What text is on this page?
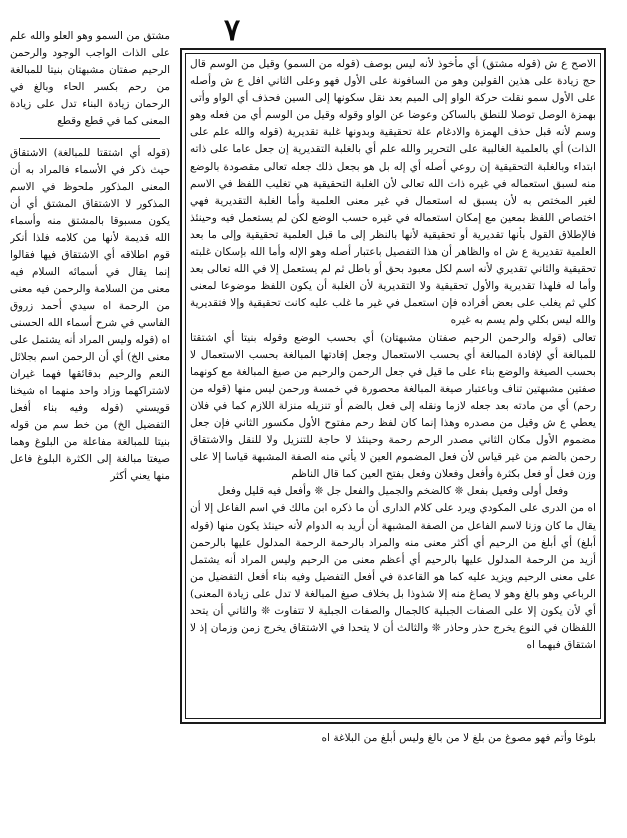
٧
مشتق من السمو وهو العلو والله علم على الذات الواجب الوجود والرحمن الرحيم صفتان مشبهتان بنيتا للمبالغة من رحم بكسر الحاء وبالغ في الرحمان زيادة البناء تدل على زيادة المعنى كما في قطع وقطع
(قوله أي اشتقتا للمبالغة) الاشتقاق حيث ذكر في الأسماء فالمراد به أن المعنى المذكور ملحوظ في الاسم المذكور لا الاشتقاق المشتق أي أن يكون مسبوقا بالمشتق منه وأسماء الله قديمة لأنها من كلامه فلذا أنكر قوم اطلاقه أي الاشتقاق فيها فقالوا إنما يقال في أسمائه السلام فيه معنى من السلامة والرحمن فيه معنى من الرحمة اه سيدي أحمد زروق الفاسي في شرح أسماء الله الحسنى اه (قوله وليس المراد أنه يشتمل على معنى الخ) أي أن الرحمن اسم بجلائل النعم والرحيم بدقائقها فهما غيران لاشتراكهما وزاد واحد منهما اه شيخنا قويسني (قوله وفيه بناء أفعل التفضيل الخ) من خط سم من قوله بنيتا للمبالغة مفاعلة من البلوغ وهما صيغتا مبالغة إلى الكثرة البلوغ فاعل منها يعني أكثر

الاصح ع ش (قوله مشتق) أي مأخوذ لأنه ليس بوصف (قوله من السمو) وقيل من الوسم قال حج زيادة على هذين القولين وهو من السافونة على الأول فهو وعلى الثاني افل ع ش وأصله على الأول سمو نقلت حركة الواو إلى الميم بعد نقل سكونها إلى السين فحذف أي الواو وأتى بهمزة الوصل توصلا للنطق بالساكن وعوضا عن الواو وقوله وقيل من الوسم أي من فعله وهو وسم لأنه قبل حذف الهمزة والادغام علة تحقيقية وبدونها غلبة تقديرية (قوله والله علم على الذات) أي بالعلمية الغالبية على التحرير والله علم أي بالغلبة التقديرية إن جعل عاما على ذاته ابتداء وبالغلبة التحقيقية إن روعي أصله أي إله بل هو بجعل ذلك جعله تعالى مقصودة بالوضع منه لسبق استعماله في غيره ذات الله تعالى لأن الغلبة التحقيقية هي تغليب اللفظ في الاسم لغير المختص به لأن يسبق له استعمال في غير معنى العلمية وأما الغلبة التقديرية فهي اختصاص اللفظ بمعين مع إمكان استعماله في غيره حسب الوضع لكن لم يستعمل فيه وحينئذ فالإطلاق القول بأنها تقديرية أو تحقيقية لأنها بالنظر إلى ما قبل العلمية تحقيقية وإلى ما بعد العلمية تقديرية ع ش اه والظاهر أن هذا التفصيل باعتبار أصله وهو الإله وأما الله بإسكان غلبته تحقيقية والثاني تقديري لأنه اسم لكل معبود بحق أو باطل ثم لم يستعمل إلا في الله تعالى بعد وأما له فلهذا تقديرية والأول تحقيقية ولا التقديرية لأن الغلبة أن يكون اللفظ موضوعا لمعنى كلي ثم يغلب على بعض أفراده فإن استعمل في غير ما غلب عليه كانت تحقيقية وإلا فتقديرية والله ليس بكلي ولم يسم به غيره

تعالى (قوله والرحمن الرحيم صفتان مشبهتان) أي بحسب الوضع وقوله بنيتا أي اشتقتا للمبالغة أي لإفادة المبالغة أي بحسب الاستعمال وجعل إفادتها المبالغة بحسب الاستعمال لا بحسب الصيغة والوضع بناء على ما قيل في جعل الرحمن والرحيم من صيغ المبالغة مع كونهما صفتين مشبهتين تناف وباعتبار صيغة المبالغة محصورة في خمسة ورحمن ليس منها (قوله من رحم) أي من مادته بعد جعله لازما ونقله إلى فعل بالضم أو تنزيله منزلة اللازم كما في فلان يعطي ع ش وقيل من مصدره وهذا إنما كان لفظ رحم مفتوح الأول مكسور الثاني فإن جعل مضموم الأول مكان الثاني مصدر الرحم رحمة وحينئذ لا حاجة للتنزيل ولا للنقل والاشتقاق رحمن بالضم من غير قياس لأن فعل المضموم العين لا يأتي منه الصفة المشبهة قياسا إلا على وزن فعل أو فعل بكثرة وأفعل وفعلان وفعل بفتح العين كما قال الناظم

وفعل أولى وفعيل بفعل ❊ كالضخم والجميل والفعل جل ❊ وأفعل فيه قليل وفعل

اه من الدرى على المكودي ويرد على كلام الدارى أن ما ذكره ابن مالك في اسم الفاعل إلا أن يقال ما كان وزنا لاسم الفاعل من الصفة المشبهة أن أريد به الدوام لأنه حينئذ يكون منها (قوله أبلغ) أي أبلغ من الرحيم أي أكثر معنى منه والمراد بالرحمة الرحمة المدلول عليها بالرحمن أزيد من الرحمة المدلول عليها بالرحيم أي أعظم معنى من الرحيم وليس المراد أنه يشتمل على معنى الرحيم ويزيد عليه كما هو القاعدة في أفعل التفضيل وفيه بناء أفعل التفضيل من الرباعي وهو بالغ وهو لا يصاغ منه إلا شذوذا بل بخلاف صيغ المبالغة لا تدل على زيادة المعنى) أي لأن يكون إلا على الصفات الجبلية كالجمال والصفات الجبلية لا تتفاوت ❊ والثاني أن يتحد اللفظان في النوع يخرج حذر وحاذر ❊ والثالث أن لا يتحدا في الاشتقاق يخرج زمن وزمان إذ لا اشتقاق فيهما اه

بلوغا وأتم فهو مصوغ من بلغ لا من بالغ وليس أبلغ من البلاغة اه
